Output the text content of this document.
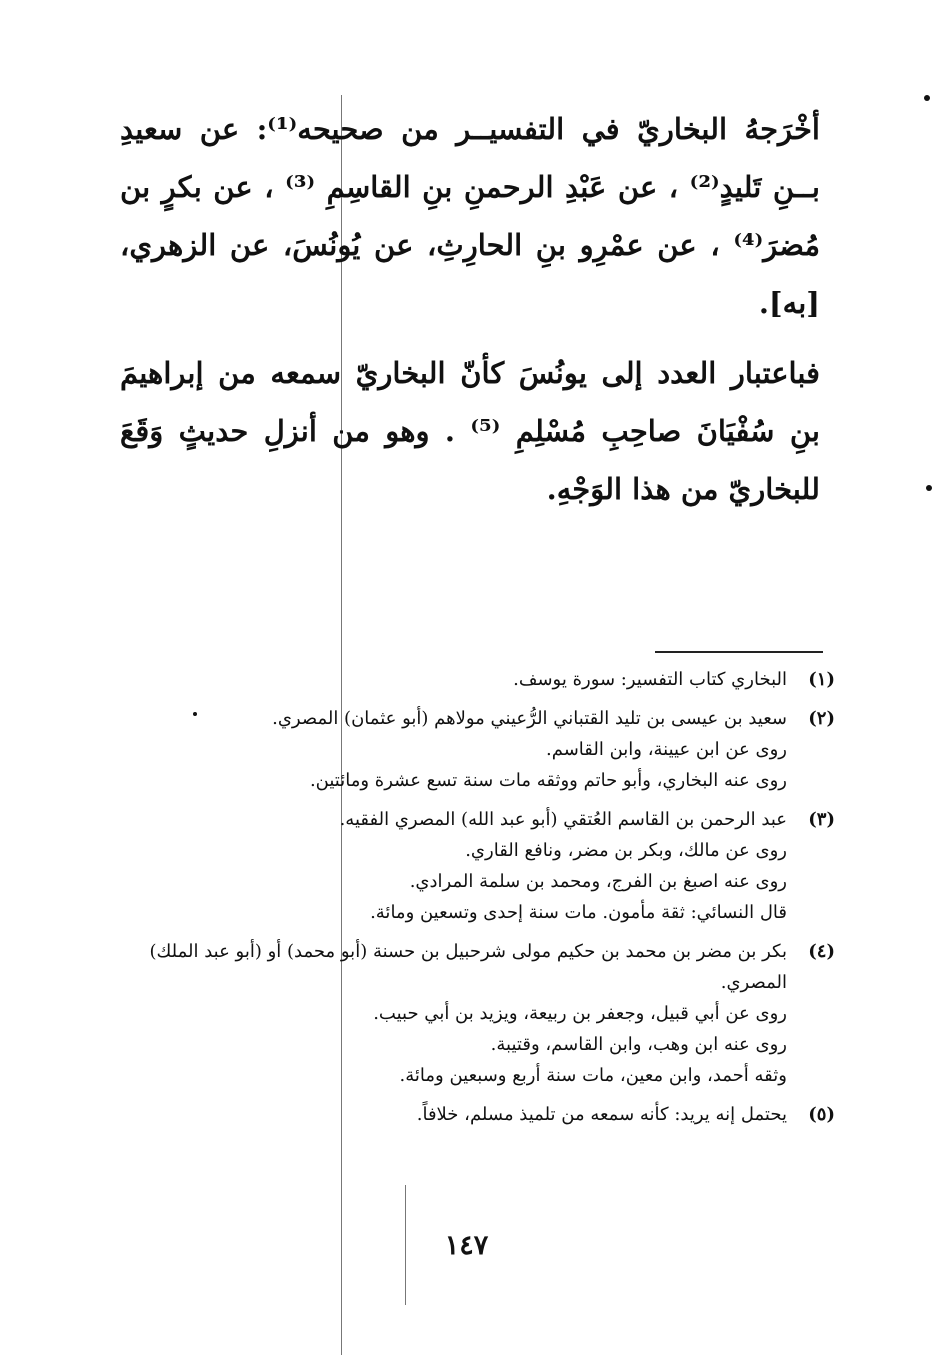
أخْرَجهُ البخاريّ في التفسيــر من صحيحه⁽¹⁾: عن سعيدِ بــنِ تَليدٍ⁽²⁾ ، عن عَبْدِ الرحمنِ بنِ القاسِمِ ⁽³⁾ ، عن بكرٍ بن مُضرَ⁽⁴⁾ ، عن عمْرِو بنِ الحارِثِ، عن يُونُسَ، عن الزهري، [به].

فباعتبار العدد إلى يونُسَ كأنّ البخاريّ سمعه من إبراهيمَ بنِ سُفْيَانَ صاحِبِ مُسْلِمِ ⁽⁵⁾ . وهو من أنزلِ حديثٍ وَقَعَ للبخاريّ من هذا الوَجْهِ.

(١)
البخاري كتاب التفسير: سورة يوسف.
(٢)
سعيد بن عيسى بن تليد القتباني الرُّعيني مولاهم (أبو عثمان) المصري.
روى عن ابن عيينة، وابن القاسم.
روى عنه البخاري، وأبو حاتم ووثقه مات سنة تسع عشرة ومائتين.
(٣)
عبد الرحمن بن القاسم العُتقي (أبو عبد الله) المصري الفقيه.
روى عن مالك، وبكر بن مضر، ونافع القاري.
روى عنه اصبغ بن الفرج، ومحمد بن سلمة المرادي.
قال النسائي: ثقة مأمون. مات سنة إحدى وتسعين ومائة.
(٤)
بكر بن مضر بن محمد بن حكيم مولى شرحبيل بن حسنة (أبو محمد) أو (أبو عبد الملك) المصري.
روى عن أبي قبيل، وجعفر بن ربيعة، ويزيد بن أبي حبيب.
روى عنه ابن وهب، وابن القاسم، وقتيبة.
وثقه أحمد، وابن معين، مات سنة أربع وسبعين ومائة.
(٥)
يحتمل إنه يريد: كأنه سمعه من تلميذ مسلم، خلافاً.
١٤٧
